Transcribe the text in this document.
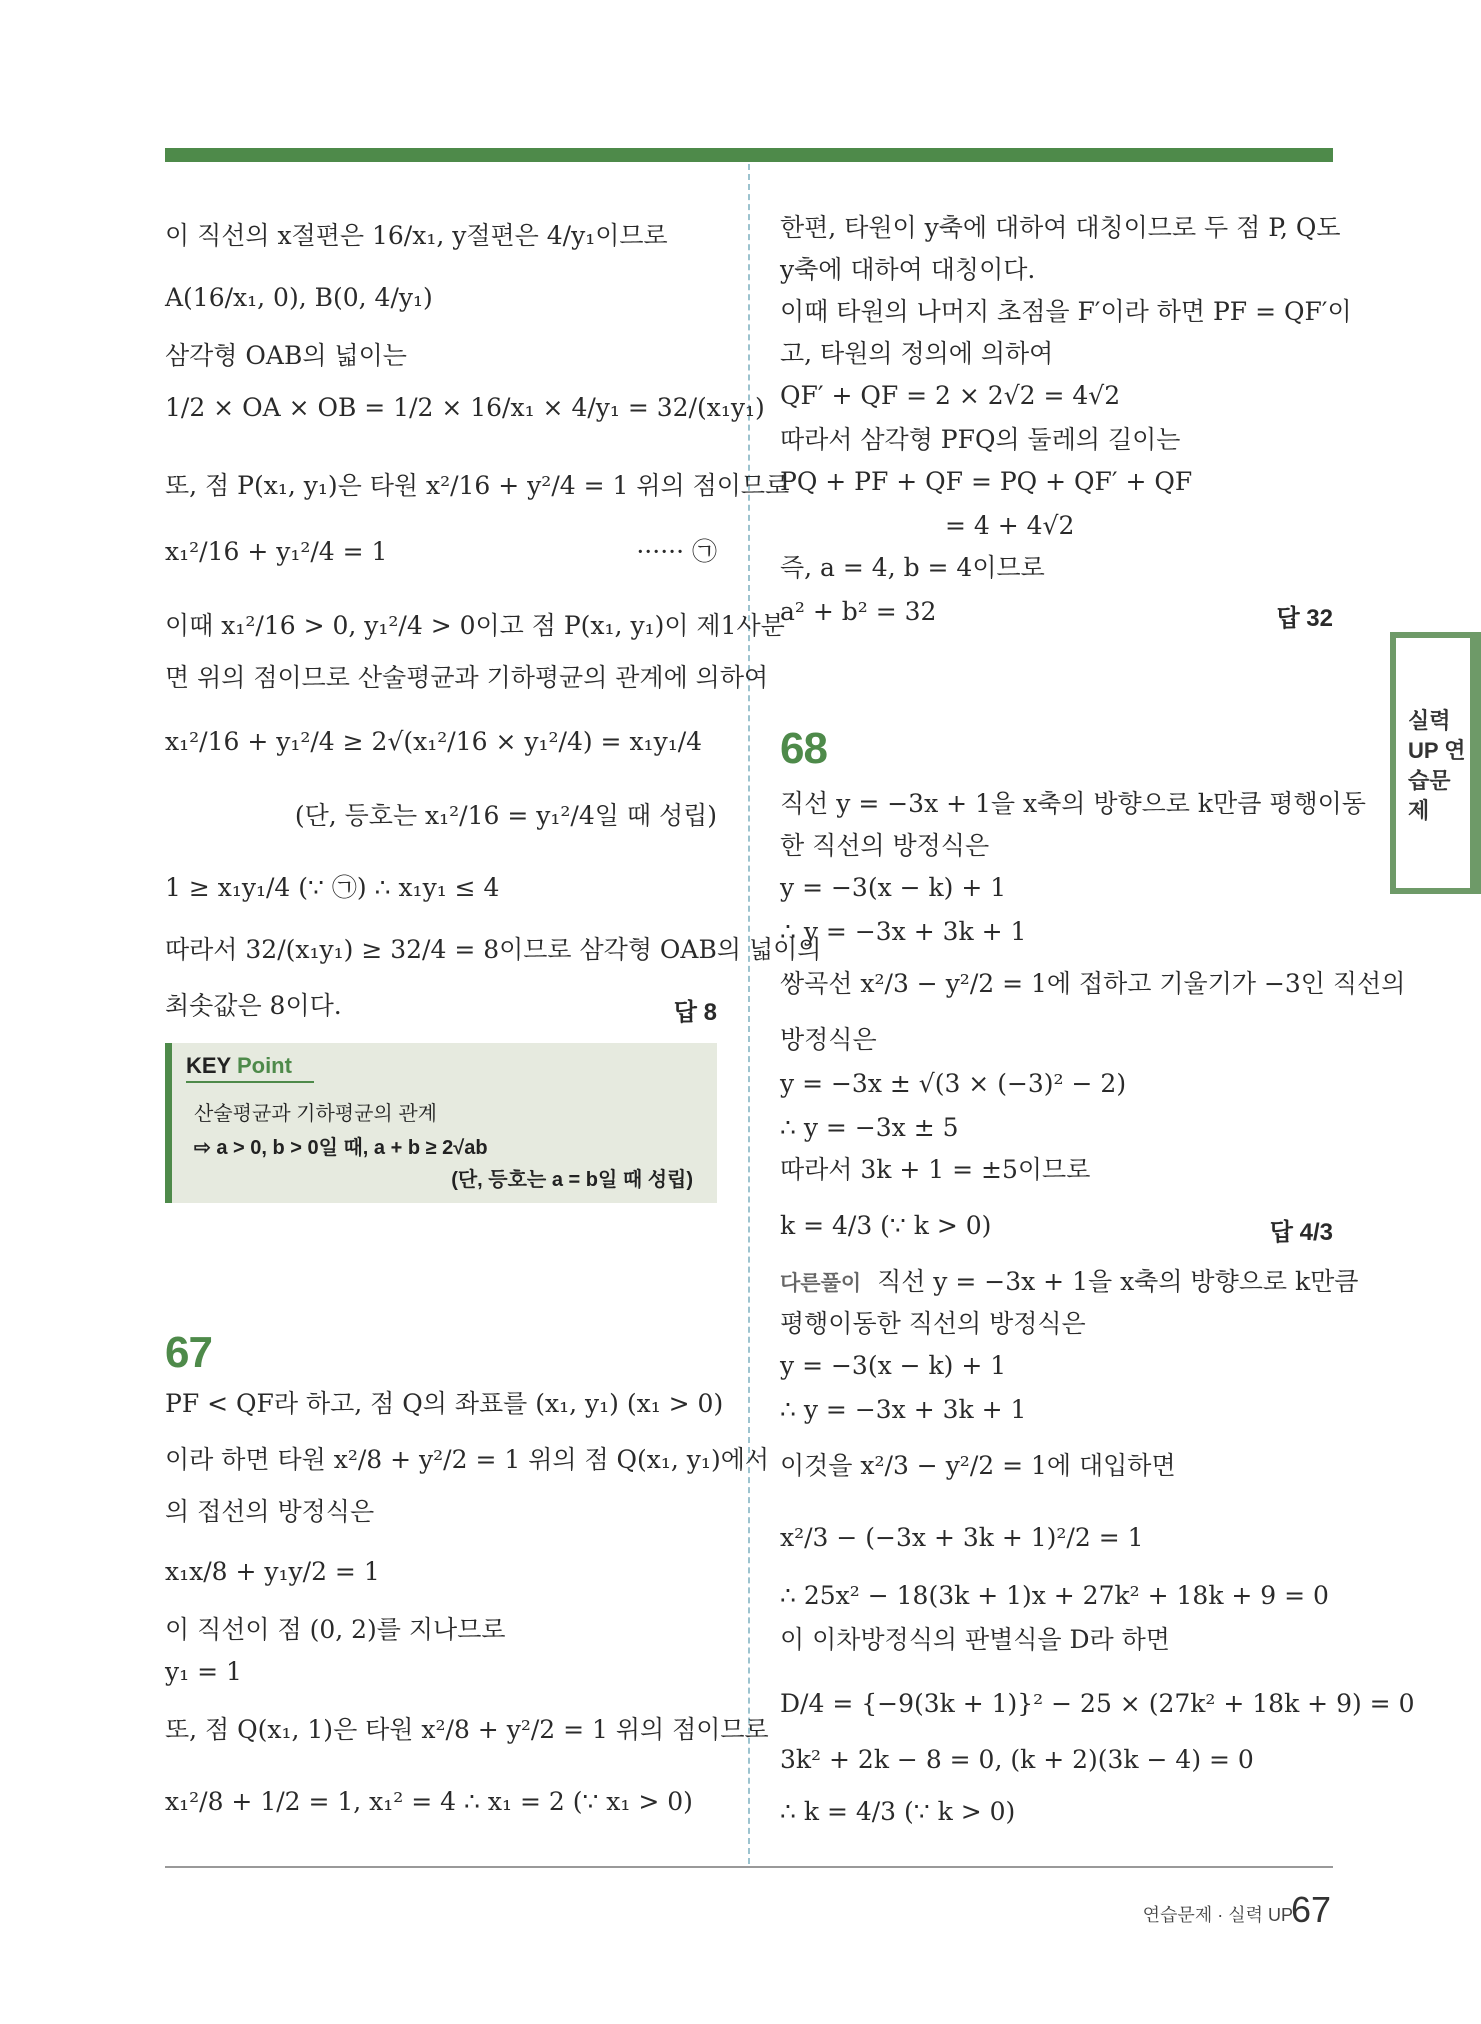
이 직선의 x절편은 16/x₁, y절편은 4/y₁이므로
A(16/x₁, 0), B(0, 4/y₁)
삼각형 OAB의 넓이는
1/2 × OA × OB = 1/2 × 16/x₁ × 4/y₁ = 32/(x₁y₁)
또, 점 P(x₁, y₁)은 타원 x²/16 + y²/4 = 1 위의 점이므로
x₁²/16 + y₁²/4 = 1	······ ㉠
이때 x₁²/16 > 0, y₁²/4 > 0이고 점 P(x₁, y₁)이 제1사분
면 위의 점이므로 산술평균과 기하평균의 관계에 의하여
x₁²/16 + y₁²/4 ≥ 2√(x₁²/16 × y₁²/4) = x₁y₁/4
(단, 등호는 x₁²/16 = y₁²/4일 때 성립)
1 ≥ x₁y₁/4 (∵ ㉠) ∴ x₁y₁ ≤ 4
따라서 32/(x₁y₁) ≥ 32/4 = 8이므로 삼각형 OAB의 넓이의
최솟값은 8이다.	답 8
67
PF < QF라 하고, 점 Q의 좌표를 (x₁, y₁) (x₁ > 0)
이라 하면 타원 x²/8 + y²/2 = 1 위의 점 Q(x₁, y₁)에서
의 접선의 방정식은
x₁x/8 + y₁y/2 = 1
이 직선이 점 (0, 2)를 지나므로
y₁ = 1
또, 점 Q(x₁, 1)은 타원 x²/8 + y²/2 = 1 위의 점이므로
x₁²/8 + 1/2 = 1, x₁² = 4 ∴ x₁ = 2 (∵ x₁ > 0)
KEY Point
산술평균과 기하평균의 관계
⇨ a > 0, b > 0일 때, a + b ≥ 2√ab
(단, 등호는 a = b일 때 성립)
한편, 타원이 y축에 대하여 대칭이므로 두 점 P, Q도
y축에 대하여 대칭이다.
이때 타원의 나머지 초점을 F′이라 하면 PF = QF′이
고, 타원의 정의에 의하여
QF′ + QF = 2 × 2√2 = 4√2
따라서 삼각형 PFQ의 둘레의 길이는
PQ + PF + QF = PQ + QF′ + QF
= 4 + 4√2
즉, a = 4, b = 4이므로
a² + b² = 32	답 32
68
직선 y = −3x + 1을 x축의 방향으로 k만큼 평행이동
한 직선의 방정식은
y = −3(x − k) + 1
∴ y = −3x + 3k + 1
쌍곡선 x²/3 − y²/2 = 1에 접하고 기울기가 −3인 직선의
방정식은
y = −3x ± √(3 × (−3)² − 2)
∴ y = −3x ± 5
따라서 3k + 1 = ±5이므로
k = 4/3 (∵ k > 0)	답 4/3
다른풀이 직선 y = −3x + 1을 x축의 방향으로 k만큼
평행이동한 직선의 방정식은
y = −3(x − k) + 1
∴ y = −3x + 3k + 1
이것을 x²/3 − y²/2 = 1에 대입하면
x²/3 − (−3x + 3k + 1)²/2 = 1
∴ 25x² − 18(3k + 1)x + 27k² + 18k + 9 = 0
이 이차방정식의 판별식을 D라 하면
D/4 = {−9(3k + 1)}² − 25 × (27k² + 18k + 9) = 0
3k² + 2k − 8 = 0, (k + 2)(3k − 4) = 0
∴ k = 4/3 (∵ k > 0)
실력 UP 연습문제
연습문제 · 실력 UP
67
